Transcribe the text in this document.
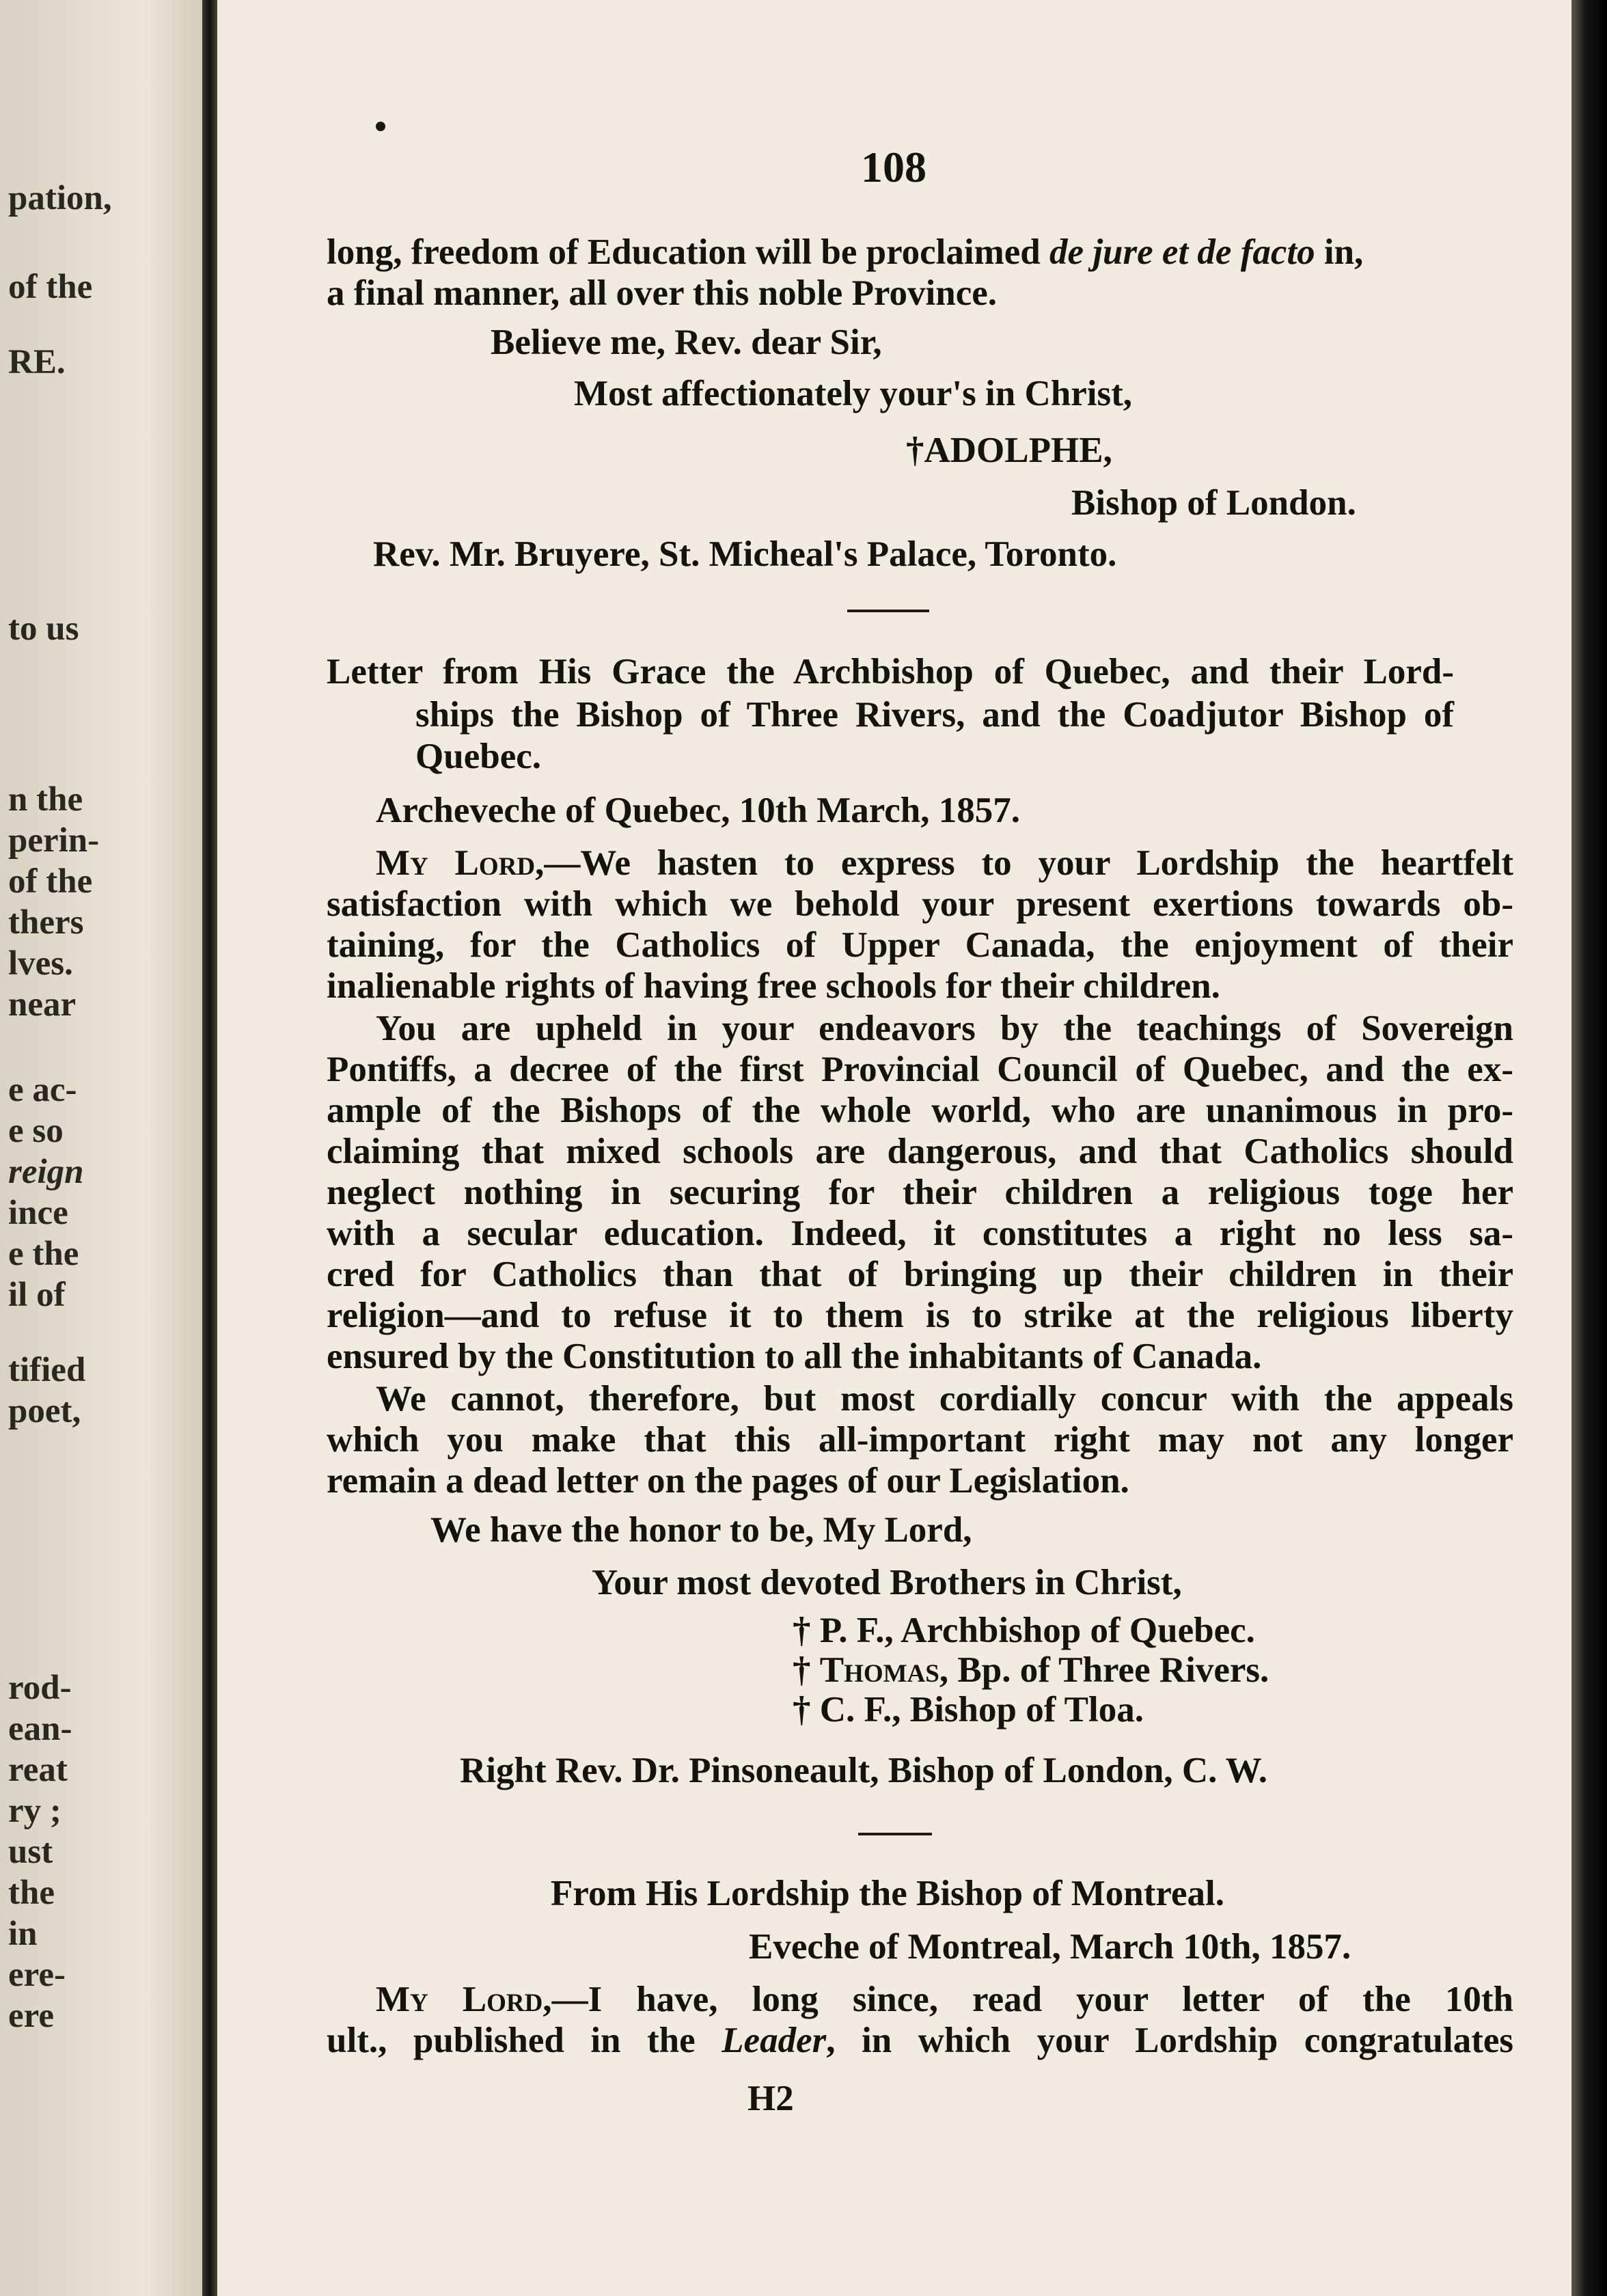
pation,
of the
RE.
to us
n the
perin-
of the
thers
lves.
near
e ac-
e so
reign
ince
e the
il of
tified
poet,
rod-
ean-
reat
ry ;
ust
the
in
ere-
ere
108
long, freedom of Education will be proclaimed de jure et de facto in,
a final manner, all over this noble Province.
Believe me, Rev. dear Sir,
Most affectionately your's in Christ,
†ADOLPHE,
Bishop of London.
Rev. Mr. Bruyere, St. Micheal's Palace, Toronto.
Letter from His Grace the Archbishop of Quebec, and their Lord-
ships the Bishop of Three Rivers, and the Coadjutor Bishop of
Quebec.
Archeveche of Quebec, 10th March, 1857.
My Lord,—We hasten to express to your Lordship the heartfelt
satisfaction with which we behold your present exertions towards ob-
taining, for the Catholics of Upper Canada, the enjoyment of their
inalienable rights of having free schools for their children.
You are upheld in your endeavors by the teachings of Sovereign
Pontiffs, a decree of the first Provincial Council of Quebec, and the ex-
ample of the Bishops of the whole world, who are unanimous in pro-
claiming that mixed schools are dangerous, and that Catholics should
neglect nothing in securing for their children a religious toge her
with a secular education. Indeed, it constitutes a right no less sa-
cred for Catholics than that of bringing up their children in their
religion—and to refuse it to them is to strike at the religious liberty
ensured by the Constitution to all the inhabitants of Canada.
We cannot, therefore, but most cordially concur with the appeals
which you make that this all-important right may not any longer
remain a dead letter on the pages of our Legislation.
We have the honor to be, My Lord,
Your most devoted Brothers in Christ,
† P. F., Archbishop of Quebec.
† Thomas, Bp. of Three Rivers.
† C. F., Bishop of Tloa.
Right Rev. Dr. Pinsoneault, Bishop of London, C. W.
From His Lordship the Bishop of Montreal.
Eveche of Montreal, March 10th, 1857.
My Lord,—I have, long since, read your letter of the 10th
ult., published in the Leader, in which your Lordship congratulates
H2
